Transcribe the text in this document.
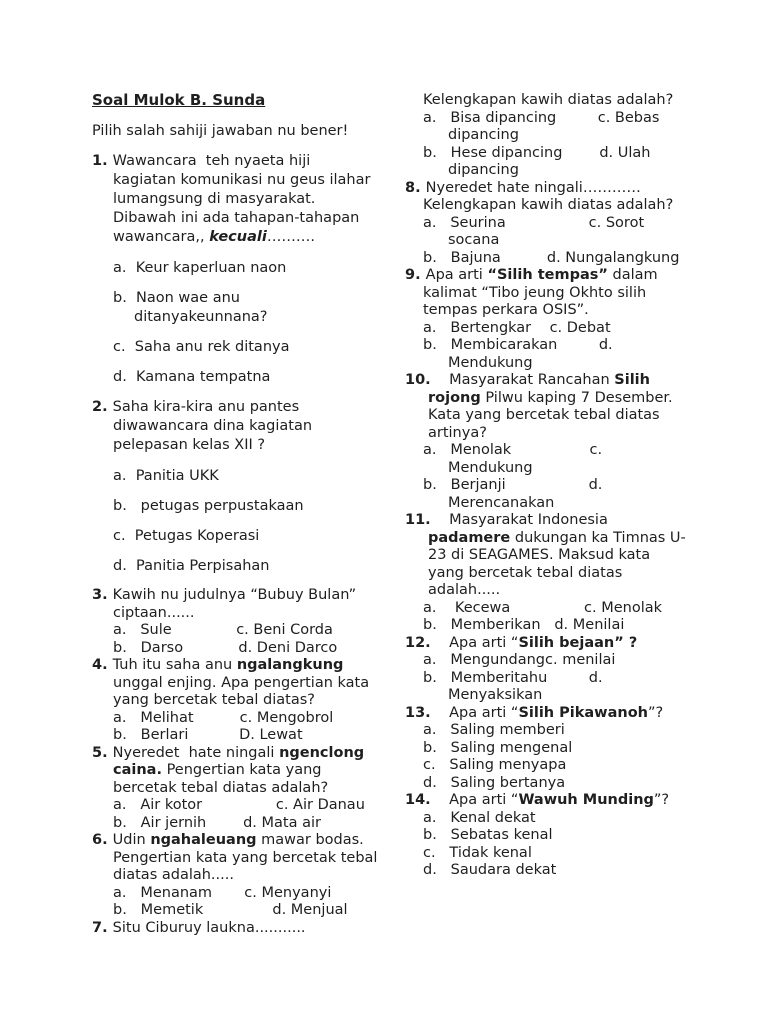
Soal Mulok B. Sunda
Pilih salah sahiji jawaban nu bener!
1. Wawancara  teh nyaeta hiji
kagiatan komunikasi nu geus ilahar
lumangsung di masyarakat.
Dibawah ini ada tahapan-tahapan
wawancara,, kecuali……….
a.  Keur kaperluan naon
b.  Naon wae anu
ditanyakeunnana?
c.  Saha anu rek ditanya
d.  Kamana tempatna
2. Saha kira-kira anu pantes
diwawancara dina kagiatan
pelepasan kelas XII ?
a.  Panitia UKK
b.   petugas perpustakaan
c.  Petugas Koperasi
d.  Panitia Perpisahan
3. Kawih nu judulnya “Bubuy Bulan”
ciptaan......
a.   Sule              c. Beni Corda
b.   Darso            d. Deni Darco
4. Tuh itu saha anu ngalangkung
unggal enjing. Apa pengertian kata
yang bercetak tebal diatas?
a.   Melihat          c. Mengobrol
b.   Berlari           D. Lewat
5. Nyeredet  hate ningali ngenclong
caina. Pengertian kata yang
bercetak tebal diatas adalah?
a.   Air kotor                c. Air Danau
b.   Air jernih        d. Mata air
6. Udin ngahaleuang mawar bodas.
Pengertian kata yang bercetak tebal
diatas adalah.....
a.   Menanam       c. Menyanyi
b.   Memetik               d. Menjual
7. Situ Ciburuy laukna...........
Kelengkapan kawih diatas adalah?
a.   Bisa dipancing         c. Bebas
dipancing
b.   Hese dipancing        d. Ulah
dipancing
8. Nyeredet hate ningali…………
Kelengkapan kawih diatas adalah?
a.   Seurina                  c. Sorot
socana
b.   Bajuna          d. Nungalangkung
9. Apa arti “Silih tempas” dalam
kalimat “Tibo jeung Okhto silih
tempas perkara OSIS”.
a.   Bertengkar    c. Debat
b.   Membicarakan         d.
Mendukung
10.    Masyarakat Rancahan Silih
rojong Pilwu kaping 7 Desember.
Kata yang bercetak tebal diatas
artinya?
a.   Menolak                 c.
Mendukung
b.   Berjanji                  d.
Merencanakan
11.    Masyarakat Indonesia
padamere dukungan ka Timnas U-
23 di SEAGAMES. Maksud kata
yang bercetak tebal diatas
adalah.....
a.    Kecewa                c. Menolak
b.   Memberikan   d. Menilai
12.    Apa arti “Silih bejaan” ?
a.   Mengundangc. menilai
b.   Memberitahu         d.
Menyaksikan
13.    Apa arti “Silih Pikawanoh”?
a.   Saling memberi
b.   Saling mengenal
c.   Saling menyapa
d.   Saling bertanya
14.    Apa arti “Wawuh Munding”?
a.   Kenal dekat
b.   Sebatas kenal
c.   Tidak kenal
d.   Saudara dekat
